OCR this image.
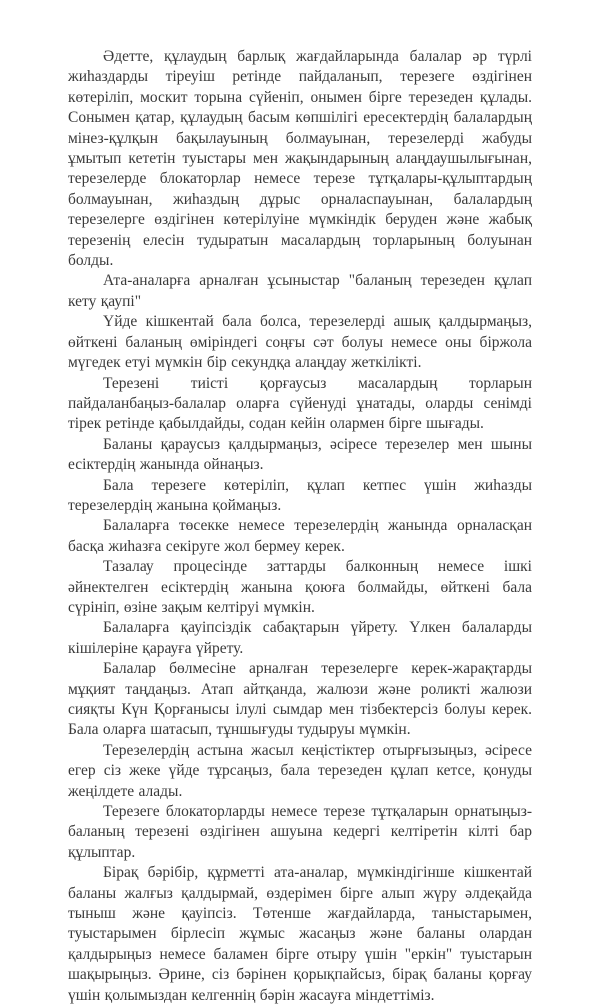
Әдетте, құлаудың барлық жағдайларында балалар әр түрлі жиһаздарды тіреуіш ретінде пайдаланып, терезеге өздігінен көтеріліп, москит торына сүйеніп, онымен бірге терезеден құлады. Сонымен қатар, құлаудың басым көпшілігі ересектердің балалардың мінез-құлқын бақылауының болмауынан, терезелерді жабуды ұмытып кететін туыстары мен жақындарының алаңдаушылығынан, терезелерде блокаторлар немесе терезе тұтқалары-құлыптардың болмауынан, жиһаздың дұрыс орналаспауынан, балалардың терезелерге өздігінен көтерілуіне мүмкіндік беруден және жабық терезенің елесін тудыратын масалардың торларының болуынан болды.

Ата-аналарға арналған ұсыныстар "баланың терезеден құлап кету қаупі"

Үйде кішкентай бала болса, терезелерді ашық қалдырмаңыз, өйткені баланың өміріндегі соңғы сәт болуы немесе оны біржола мүгедек етуі мүмкін бір секундқа алаңдау жеткілікті.

Терезені тиісті қорғаусыз масалардың торларын пайдаланбаңыз-балалар оларға сүйенуді ұнатады, оларды сенімді тірек ретінде қабылдайды, содан кейін олармен бірге шығады.

Баланы қараусыз қалдырмаңыз, әсіресе терезелер мен шыны есіктердің жанында ойнаңыз.

Бала терезеге көтеріліп, құлап кетпес үшін жиһазды терезелердің жанына қоймаңыз.

Балаларға төсекке немесе терезелердің жанында орналасқан басқа жиһазға секіруге жол бермеу керек.

Тазалау процесінде заттарды балконның немесе ішкі әйнектелген есіктердің жанына қоюға болмайды, өйткені бала сүрініп, өзіне зақым келтіруі мүмкін.

Балаларға қауіпсіздік сабақтарын үйрету. Үлкен балаларды кішілеріне қарауға үйрету.

Балалар бөлмесіне арналған терезелерге керек-жарақтарды мұқият таңдаңыз. Атап айтқанда, жалюзи және роликті жалюзи сияқты Күн Қорғанысы ілулі сымдар мен тізбектерсіз болуы керек. Бала оларға шатасып, тұншығуды тудыруы мүмкін.

Терезелердің астына жасыл кеңістіктер отырғызыңыз, әсіресе егер сіз жеке үйде тұрсаңыз, бала терезеден құлап кетсе, қонуды жеңілдете алады.

Терезеге блокаторларды немесе терезе тұтқаларын орнатыңыз-баланың терезені өздігінен ашуына кедергі келтіретін кілті бар құлыптар.

Бірақ бәрібір, құрметті ата-аналар, мүмкіндігінше кішкентай баланы жалғыз қалдырмай, өздерімен бірге алып жүру әлдеқайда тыныш және қауіпсіз. Төтенше жағдайларда, таныстарымен, туыстарымен бірлесіп жұмыс жасаңыз және баланы олардан қалдырыңыз немесе баламен бірге отыру үшін "еркін" туыстарын шақырыңыз. Әрине, сіз бәрінен қорықпайсыз, бірақ баланы қорғау үшін қолымыздан келгеннің бәрін жасауға міндеттіміз.
